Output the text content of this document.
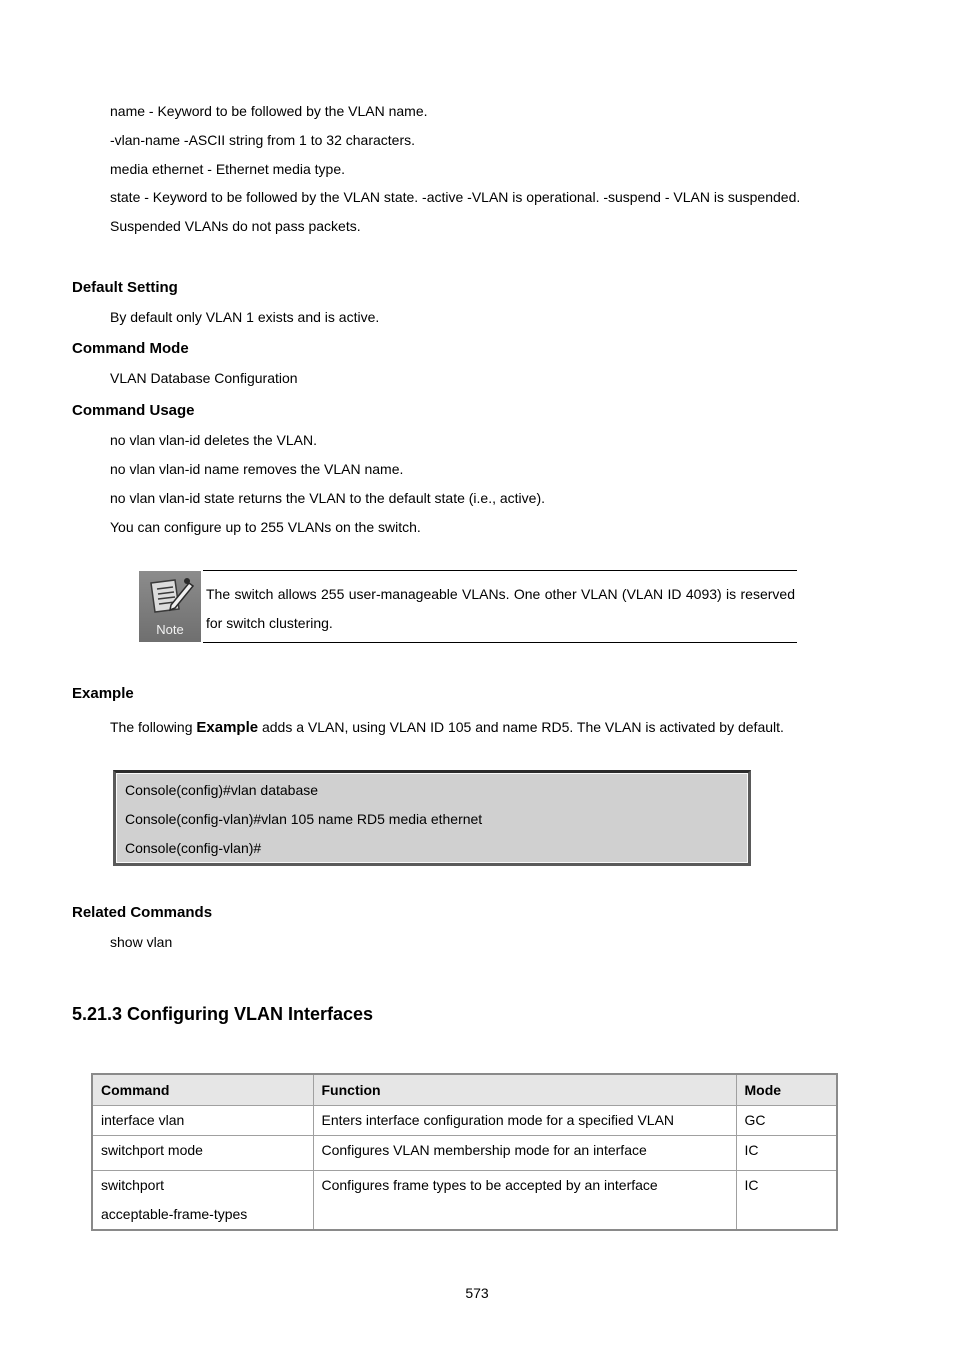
name - Keyword to be followed by the VLAN name.
-vlan-name -ASCII string from 1 to 32 characters.
media ethernet - Ethernet media type.
state - Keyword to be followed by the VLAN state. -active -VLAN is operational. -suspend - VLAN is suspended.
Suspended VLANs do not pass packets.
Default Setting
By default only VLAN 1 exists and is active.
Command Mode
VLAN Database Configuration
Command Usage
no vlan vlan-id deletes the VLAN.
no vlan vlan-id name removes the VLAN name.
no vlan vlan-id state returns the VLAN to the default state (i.e., active).
You can configure up to 255 VLANs on the switch.
Note
The switch allows 255 user-manageable VLANs. One other VLAN (VLAN ID 4093) is reserved for switch clustering.
Example
The following Example adds a VLAN, using VLAN ID 105 and name RD5. The VLAN is activated by default.
Console(config)#vlan database
Console(config-vlan)#vlan 105 name RD5 media ethernet
Console(config-vlan)#
Related Commands
show vlan
5.21.3 Configuring VLAN Interfaces
Command	Function	Mode
interface vlan	Enters interface configuration mode for a specified VLAN	GC
switchport mode	Configures VLAN membership mode for an interface	IC

switchport
acceptable-frame-types	Configures frame types to be accepted by an interface	IC
573
